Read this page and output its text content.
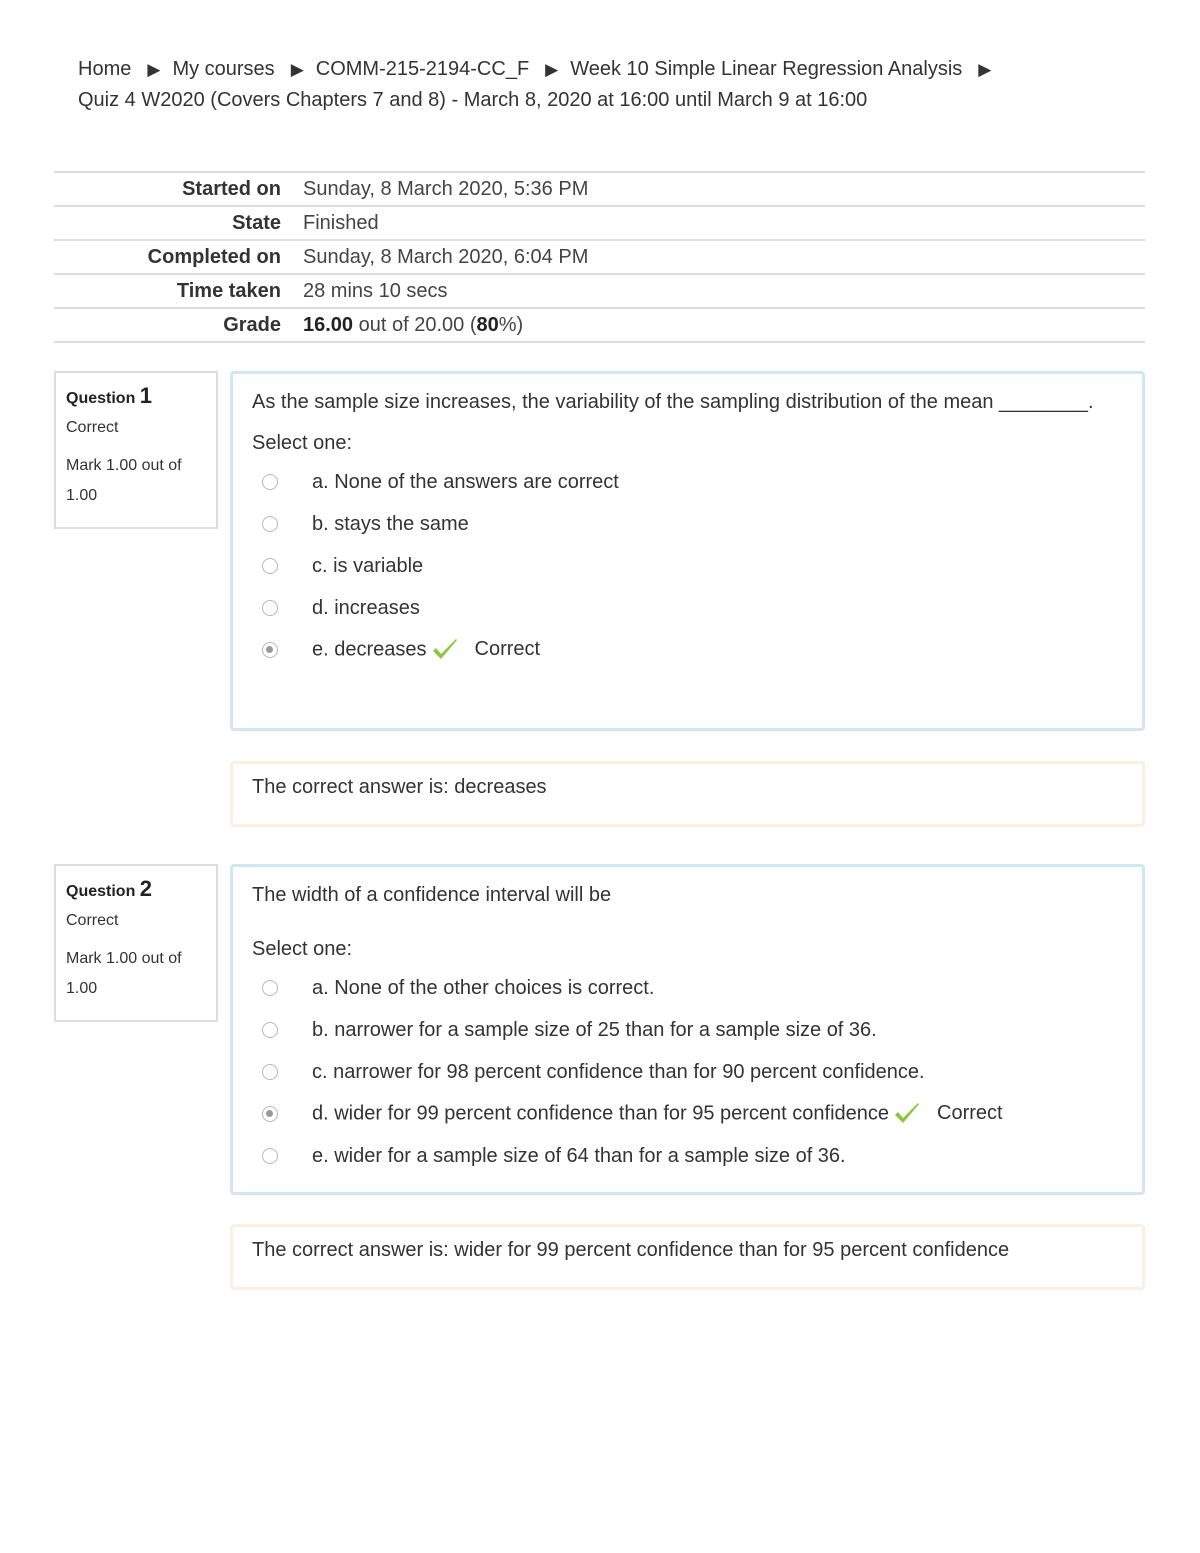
Home ▶ My courses ▶ COMM-215-2194-CC_F ▶ Week 10 Simple Linear Regression Analysis ▶
Quiz 4 W2020 (Covers Chapters 7 and 8) - March 8, 2020 at 16:00 until March 9 at 16:00
Started on	Sunday, 8 March 2020, 5:36 PM
State	Finished
Completed on	Sunday, 8 March 2020, 6:04 PM
Time taken	28 mins 10 secs
Grade	16.00 out of 20.00 (80%)
Question 1
Correct
Mark 1.00 out of 1.00
As the sample size increases, the variability of the sampling distribution of the mean ________.
Select one:
a. None of the answers are correct
b. stays the same
c. is variable
d. increases
e. decreases Correct
The correct answer is: decreases
Question 2
Correct
Mark 1.00 out of 1.00
The width of a confidence interval will be
Select one:
a. None of the other choices is correct.
b. narrower for a sample size of 25 than for a sample size of 36.
c. narrower for 98 percent confidence than for 90 percent confidence.
d. wider for 99 percent confidence than for 95 percent confidence Correct
e. wider for a sample size of 64 than for a sample size of 36.
The correct answer is: wider for 99 percent confidence than for 95 percent confidence
